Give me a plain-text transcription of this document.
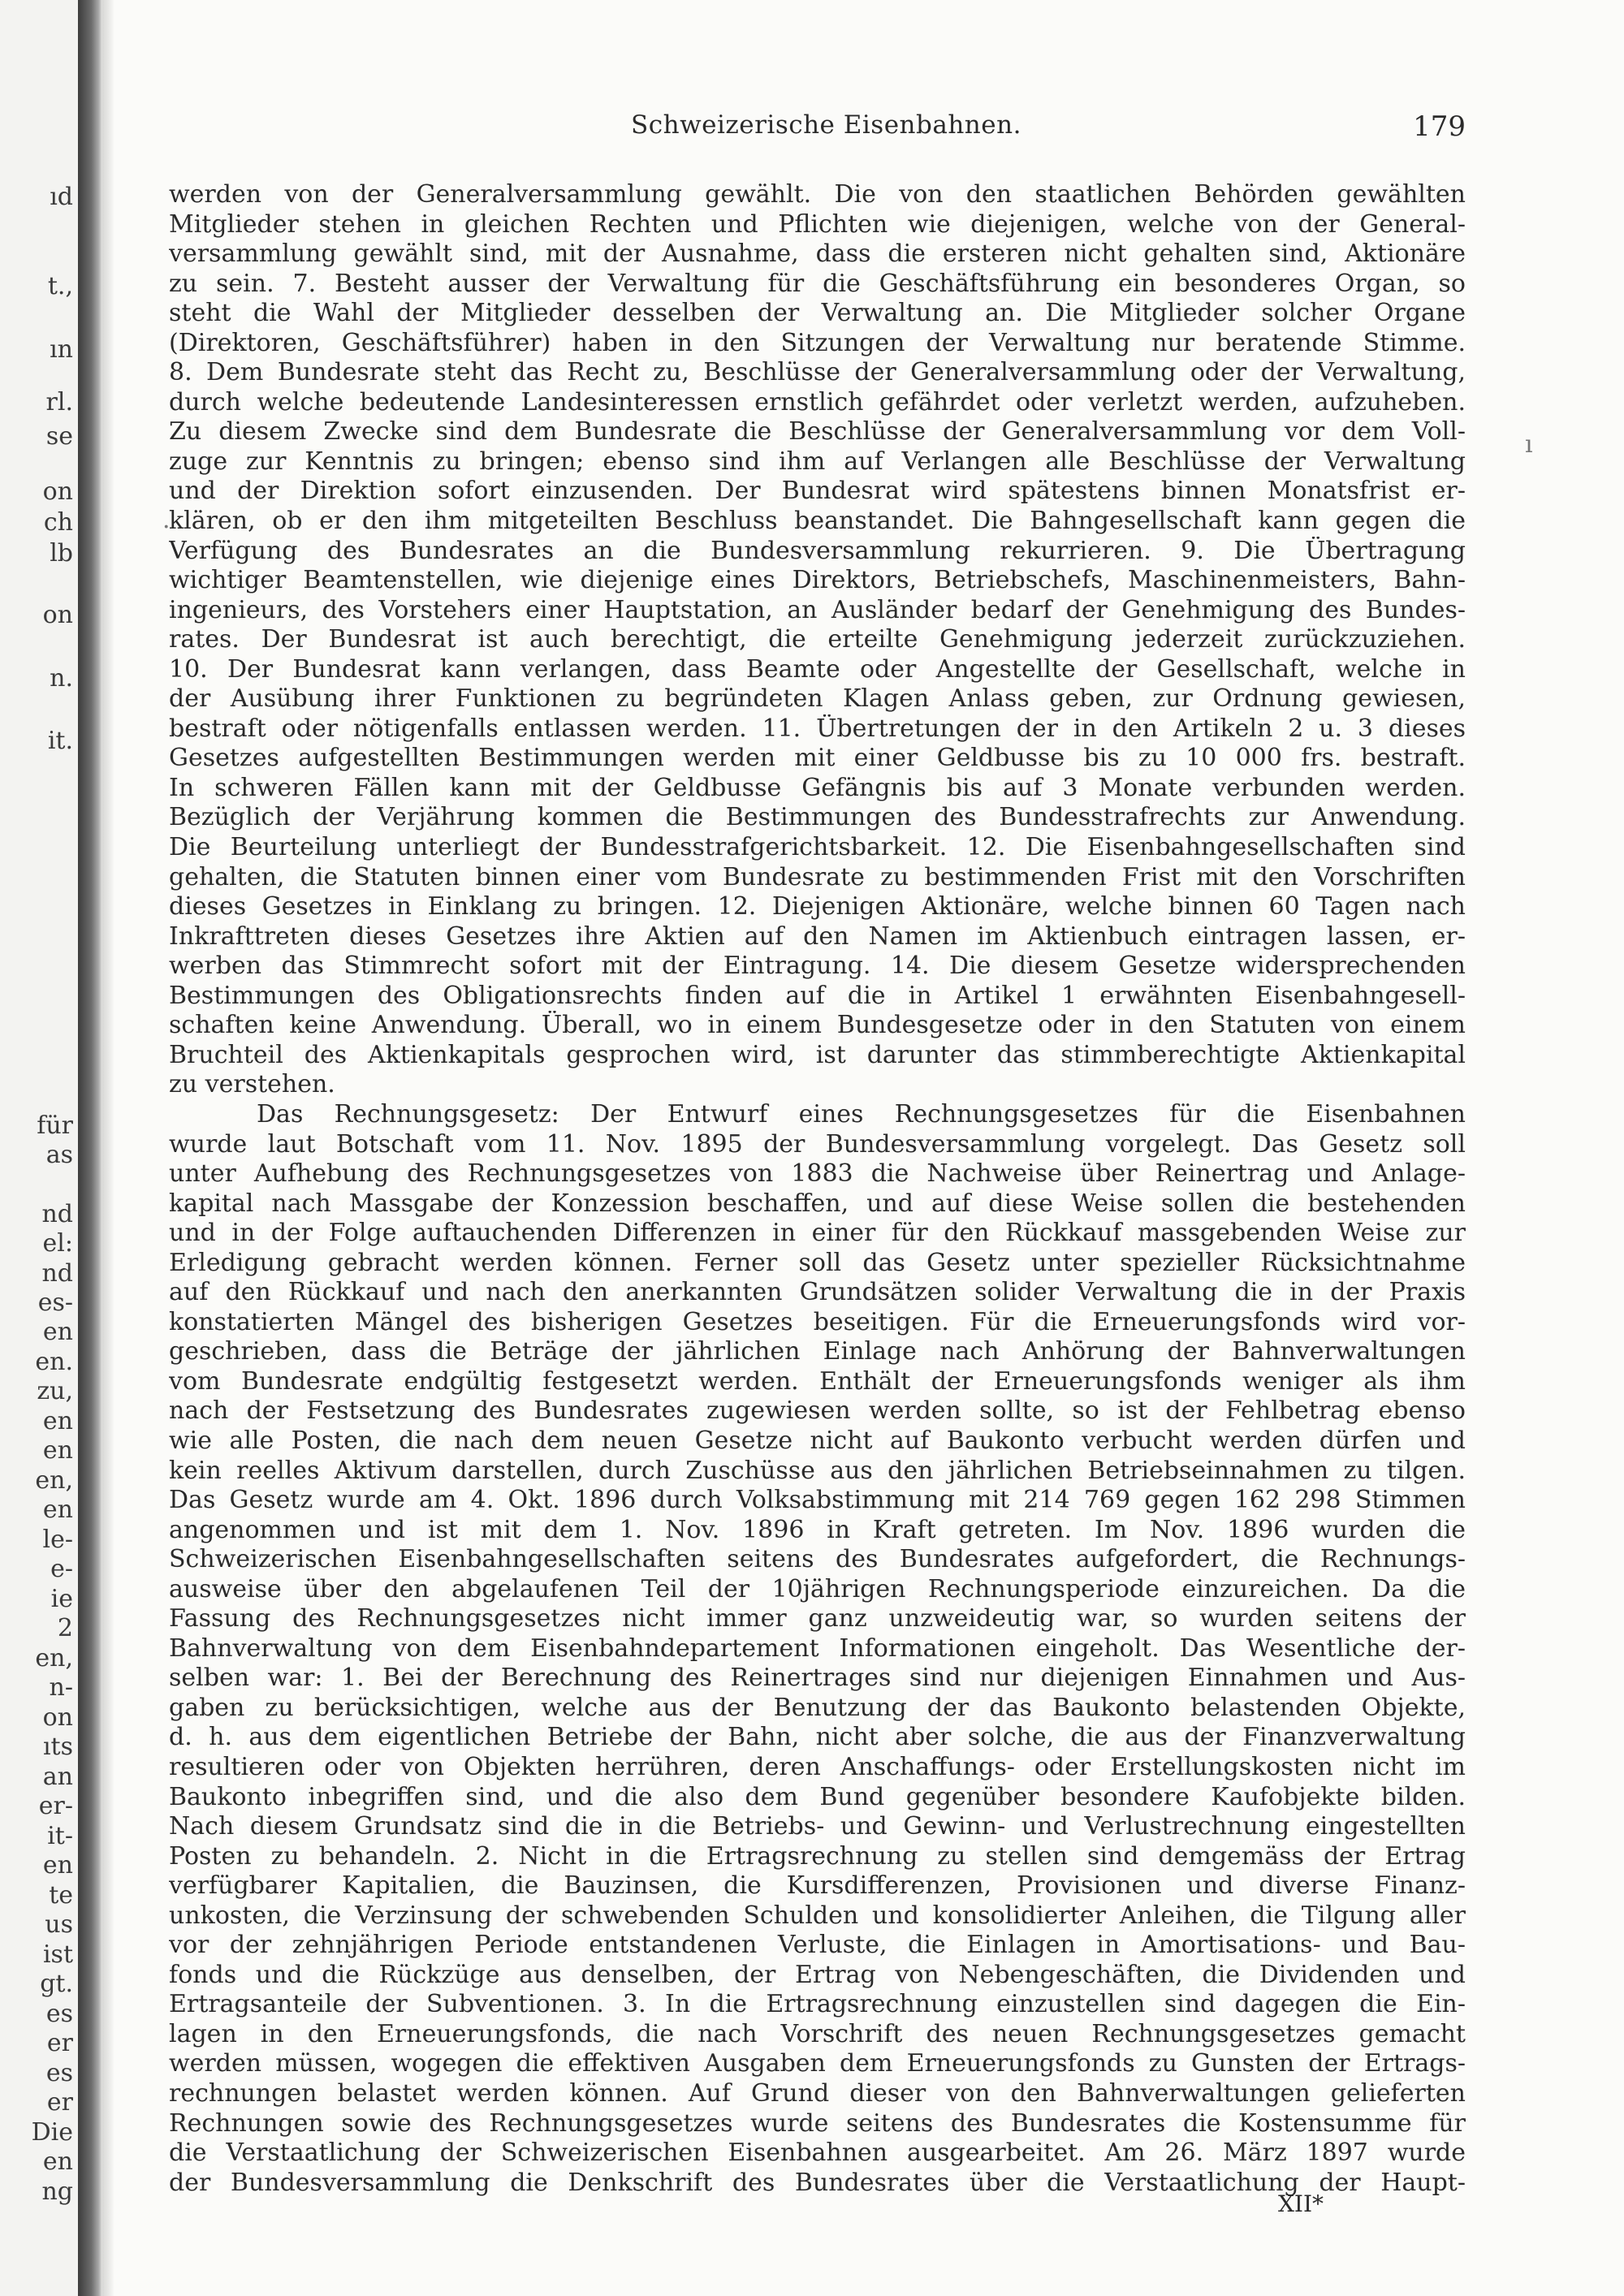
ıd
t.,
ın
rl.
se
on
ch
lb
on
n.
it.
für
as
nd
el:
nd
es-
en
en.
zu,
en
en
en,
en
le-
e-
ie
2
en,
n-
on
ıts
an
er-
it-
en
te
us
ist
gt.
es
er
es
er
Die
en
ng
Schweizerische Eisenbahnen.	179
werden von der Generalversammlung gewählt. Die von den staatlichen Behörden gewählten
Mitglieder stehen in gleichen Rechten und Pflichten wie diejenigen, welche von der General-
versammlung gewählt sind, mit der Ausnahme, dass die ersteren nicht gehalten sind, Aktionäre
zu sein. 7. Besteht ausser der Verwaltung für die Geschäftsführung ein besonderes Organ, so
steht die Wahl der Mitglieder desselben der Verwaltung an. Die Mitglieder solcher Organe
(Direktoren, Geschäftsführer) haben in den Sitzungen der Verwaltung nur beratende Stimme.
8. Dem Bundesrate steht das Recht zu, Beschlüsse der Generalversammlung oder der Verwaltung,
durch welche bedeutende Landesinteressen ernstlich gefährdet oder verletzt werden, aufzuheben.
Zu diesem Zwecke sind dem Bundesrate die Beschlüsse der Generalversammlung vor dem Voll-
zuge zur Kenntnis zu bringen; ebenso sind ihm auf Verlangen alle Beschlüsse der Verwaltung
und der Direktion sofort einzusenden. Der Bundesrat wird spätestens binnen Monatsfrist er-
klären, ob er den ihm mitgeteilten Beschluss beanstandet. Die Bahngesellschaft kann gegen die
Verfügung des Bundesrates an die Bundesversammlung rekurrieren. 9. Die Übertragung
wichtiger Beamtenstellen, wie diejenige eines Direktors, Betriebschefs, Maschinenmeisters, Bahn-
ingenieurs, des Vorstehers einer Hauptstation, an Ausländer bedarf der Genehmigung des Bundes-
rates. Der Bundesrat ist auch berechtigt, die erteilte Genehmigung jederzeit zurückzuziehen.
10. Der Bundesrat kann verlangen, dass Beamte oder Angestellte der Gesellschaft, welche in
der Ausübung ihrer Funktionen zu begründeten Klagen Anlass geben, zur Ordnung gewiesen,
bestraft oder nötigenfalls entlassen werden. 11. Übertretungen der in den Artikeln 2 u. 3 dieses
Gesetzes aufgestellten Bestimmungen werden mit einer Geldbusse bis zu 10 000 frs. bestraft.
In schweren Fällen kann mit der Geldbusse Gefängnis bis auf 3 Monate verbunden werden.
Bezüglich der Verjährung kommen die Bestimmungen des Bundesstrafrechts zur Anwendung.
Die Beurteilung unterliegt der Bundesstrafgerichtsbarkeit. 12. Die Eisenbahngesellschaften sind
gehalten, die Statuten binnen einer vom Bundesrate zu bestimmenden Frist mit den Vorschriften
dieses Gesetzes in Einklang zu bringen. 12. Diejenigen Aktionäre, welche binnen 60 Tagen nach
Inkrafttreten dieses Gesetzes ihre Aktien auf den Namen im Aktienbuch eintragen lassen, er-
werben das Stimmrecht sofort mit der Eintragung. 14. Die diesem Gesetze widersprechenden
Bestimmungen des Obligationsrechts finden auf die in Artikel 1 erwähnten Eisenbahngesell-
schaften keine Anwendung. Überall, wo in einem Bundesgesetze oder in den Statuten von einem
Bruchteil des Aktienkapitals gesprochen wird, ist darunter das stimmberechtigte Aktienkapital
zu verstehen.
Das Rechnungsgesetz: Der Entwurf eines Rechnungsgesetzes für die Eisenbahnen
wurde laut Botschaft vom 11. Nov. 1895 der Bundesversammlung vorgelegt. Das Gesetz soll
unter Aufhebung des Rechnungsgesetzes von 1883 die Nachweise über Reinertrag und Anlage-
kapital nach Massgabe der Konzession beschaffen, und auf diese Weise sollen die bestehenden
und in der Folge auftauchenden Differenzen in einer für den Rückkauf massgebenden Weise zur
Erledigung gebracht werden können. Ferner soll das Gesetz unter spezieller Rücksichtnahme
auf den Rückkauf und nach den anerkannten Grundsätzen solider Verwaltung die in der Praxis
konstatierten Mängel des bisherigen Gesetzes beseitigen. Für die Erneuerungsfonds wird vor-
geschrieben, dass die Beträge der jährlichen Einlage nach Anhörung der Bahnverwaltungen
vom Bundesrate endgültig festgesetzt werden. Enthält der Erneuerungsfonds weniger als ihm
nach der Festsetzung des Bundesrates zugewiesen werden sollte, so ist der Fehlbetrag ebenso
wie alle Posten, die nach dem neuen Gesetze nicht auf Baukonto verbucht werden dürfen und
kein reelles Aktivum darstellen, durch Zuschüsse aus den jährlichen Betriebseinnahmen zu tilgen.
Das Gesetz wurde am 4. Okt. 1896 durch Volksabstimmung mit 214 769 gegen 162 298 Stimmen
angenommen und ist mit dem 1. Nov. 1896 in Kraft getreten. Im Nov. 1896 wurden die
Schweizerischen Eisenbahngesellschaften seitens des Bundesrates aufgefordert, die Rechnungs-
ausweise über den abgelaufenen Teil der 10jährigen Rechnungsperiode einzureichen. Da die
Fassung des Rechnungsgesetzes nicht immer ganz unzweideutig war, so wurden seitens der
Bahnverwaltung von dem Eisenbahndepartement Informationen eingeholt. Das Wesentliche der-
selben war: 1. Bei der Berechnung des Reinertrages sind nur diejenigen Einnahmen und Aus-
gaben zu berücksichtigen, welche aus der Benutzung der das Baukonto belastenden Objekte,
d. h. aus dem eigentlichen Betriebe der Bahn, nicht aber solche, die aus der Finanzverwaltung
resultieren oder von Objekten herrühren, deren Anschaffungs- oder Erstellungskosten nicht im
Baukonto inbegriffen sind, und die also dem Bund gegenüber besondere Kaufobjekte bilden.
Nach diesem Grundsatz sind die in die Betriebs- und Gewinn- und Verlustrechnung eingestellten
Posten zu behandeln. 2. Nicht in die Ertragsrechnung zu stellen sind demgemäss der Ertrag
verfügbarer Kapitalien, die Bauzinsen, die Kursdifferenzen, Provisionen und diverse Finanz-
unkosten, die Verzinsung der schwebenden Schulden und konsolidierter Anleihen, die Tilgung aller
vor der zehnjährigen Periode entstandenen Verluste, die Einlagen in Amortisations- und Bau-
fonds und die Rückzüge aus denselben, der Ertrag von Nebengeschäften, die Dividenden und
Ertragsanteile der Subventionen. 3. In die Ertragsrechnung einzustellen sind dagegen die Ein-
lagen in den Erneuerungsfonds, die nach Vorschrift des neuen Rechnungsgesetzes gemacht
werden müssen, wogegen die effektiven Ausgaben dem Erneuerungsfonds zu Gunsten der Ertrags-
rechnungen belastet werden können. Auf Grund dieser von den Bahnverwaltungen gelieferten
Rechnungen sowie des Rechnungsgesetzes wurde seitens des Bundesrates die Kostensumme für
die Verstaatlichung der Schweizerischen Eisenbahnen ausgearbeitet. Am 26. März 1897 wurde
der Bundesversammlung die Denkschrift des Bundesrates über die Verstaatlichung der Haupt-
ı
·
XII*
